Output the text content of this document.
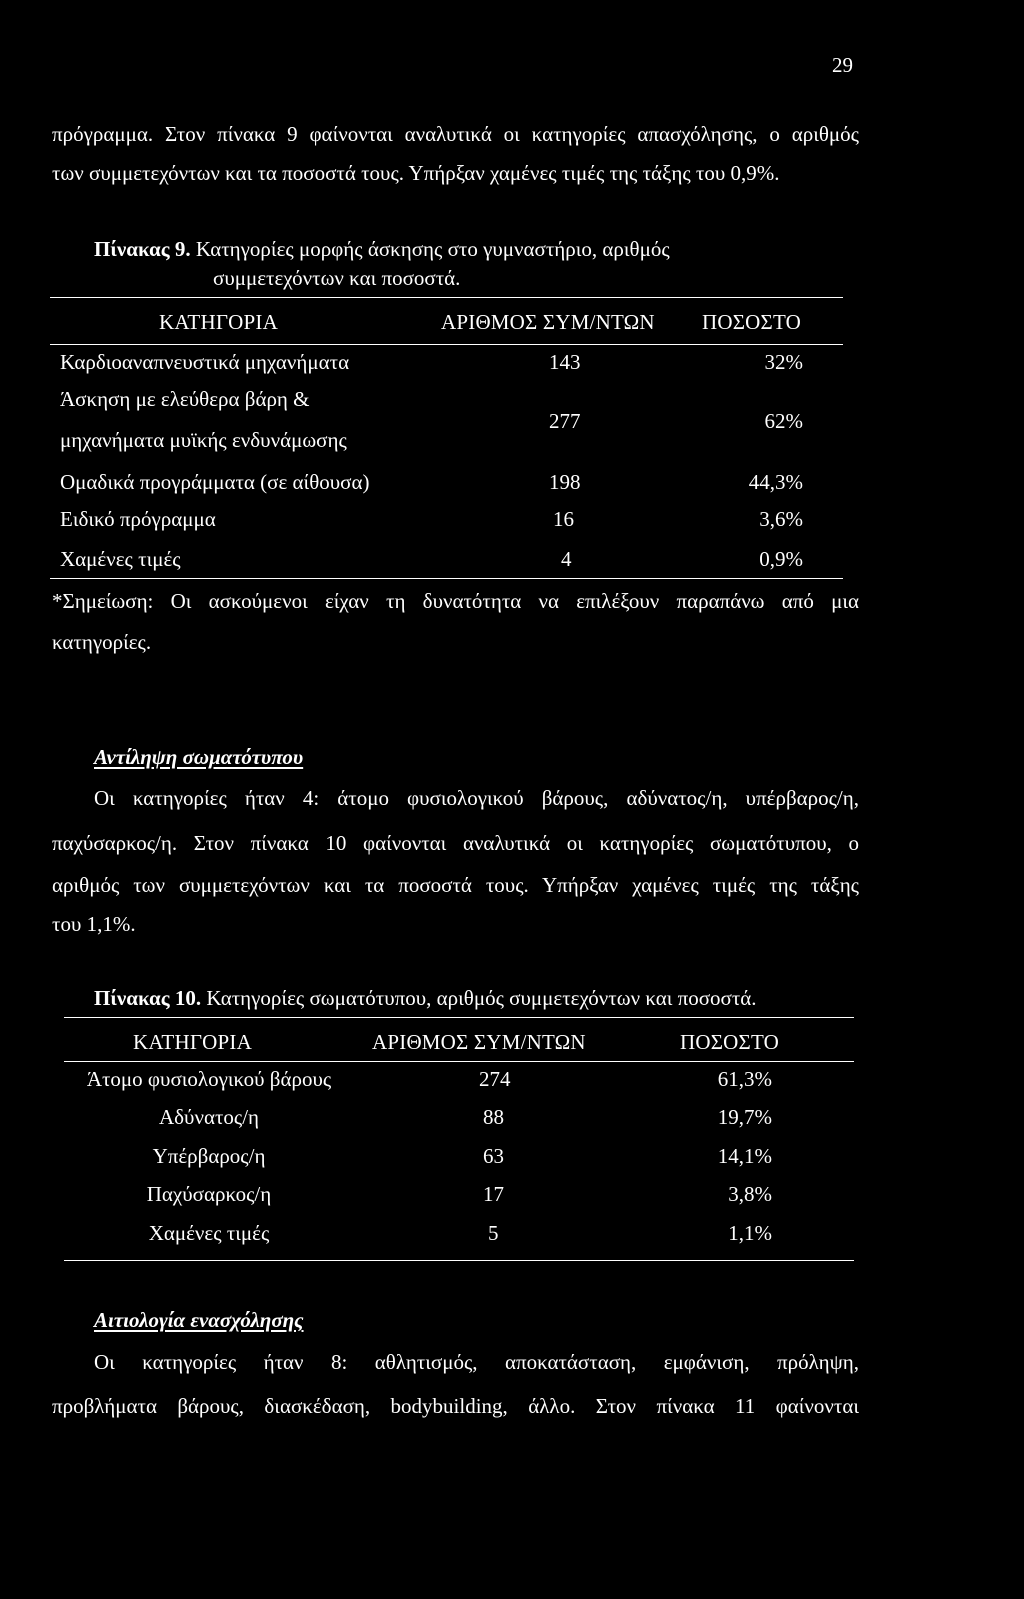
29
πρόγραμμα. Στον πίνακα 9 φαίνονται αναλυτικά οι κατηγορίες απασχόλησης, ο αριθμός
των συμμετεχόντων και τα ποσοστά τους. Υπήρξαν χαμένες τιμές της τάξης του 0,9%.
Πίνακας 9. Κατηγορίες μορφής άσκησης στο γυμναστήριο, αριθμός
συμμετεχόντων και ποσοστά.
ΚΑΤΗΓΟΡΙΑ	ΑΡΙΘΜΟΣ ΣΥΜ/ΝΤΩΝ ΠΟΣΟΣΤΟ
Καρδιοαναπνευστικά μηχανήματα	143	32%
Άσκηση με ελεύθερα βάρη &
μηχανήματα μυϊκής ενδυνάμωσης
277	62%
Ομαδικά προγράμματα (σε αίθουσα)	198	44,3%
Ειδικό πρόγραμμα	16	3,6%
Χαμένες τιμές	4	0,9%
*Σημείωση: Οι ασκούμενοι είχαν τη δυνατότητα να επιλέξουν παραπάνω από μια
κατηγορίες.
Αντίληψη σωματότυπου
Οι κατηγορίες ήταν 4: άτομο φυσιολογικού βάρους, αδύνατος/η, υπέρβαρος/η,
παχύσαρκος/η. Στον πίνακα 10 φαίνονται αναλυτικά οι κατηγορίες σωματότυπου, ο
αριθμός των συμμετεχόντων και τα ποσοστά τους. Υπήρξαν χαμένες τιμές της τάξης
του 1,1%.
Πίνακας 10. Κατηγορίες σωματότυπου, αριθμός συμμετεχόντων και ποσοστά.
ΚΑΤΗΓΟΡΙΑ	ΑΡΙΘΜΟΣ ΣΥΜ/ΝΤΩΝ	ΠΟΣΟΣΤΟ
Άτομο φυσιολογικού βάρους	274	61,3%
Αδύνατος/η	88	19,7%
Υπέρβαρος/η	63	14,1%
Παχύσαρκος/η	17	3,8%
Χαμένες τιμές	5	1,1%
Αιτιολογία ενασχόλησης
Οι κατηγορίες ήταν 8: αθλητισμός, αποκατάσταση, εμφάνιση, πρόληψη,
προβλήματα βάρους, διασκέδαση, bodybuilding, άλλο. Στον πίνακα 11 φαίνονται
